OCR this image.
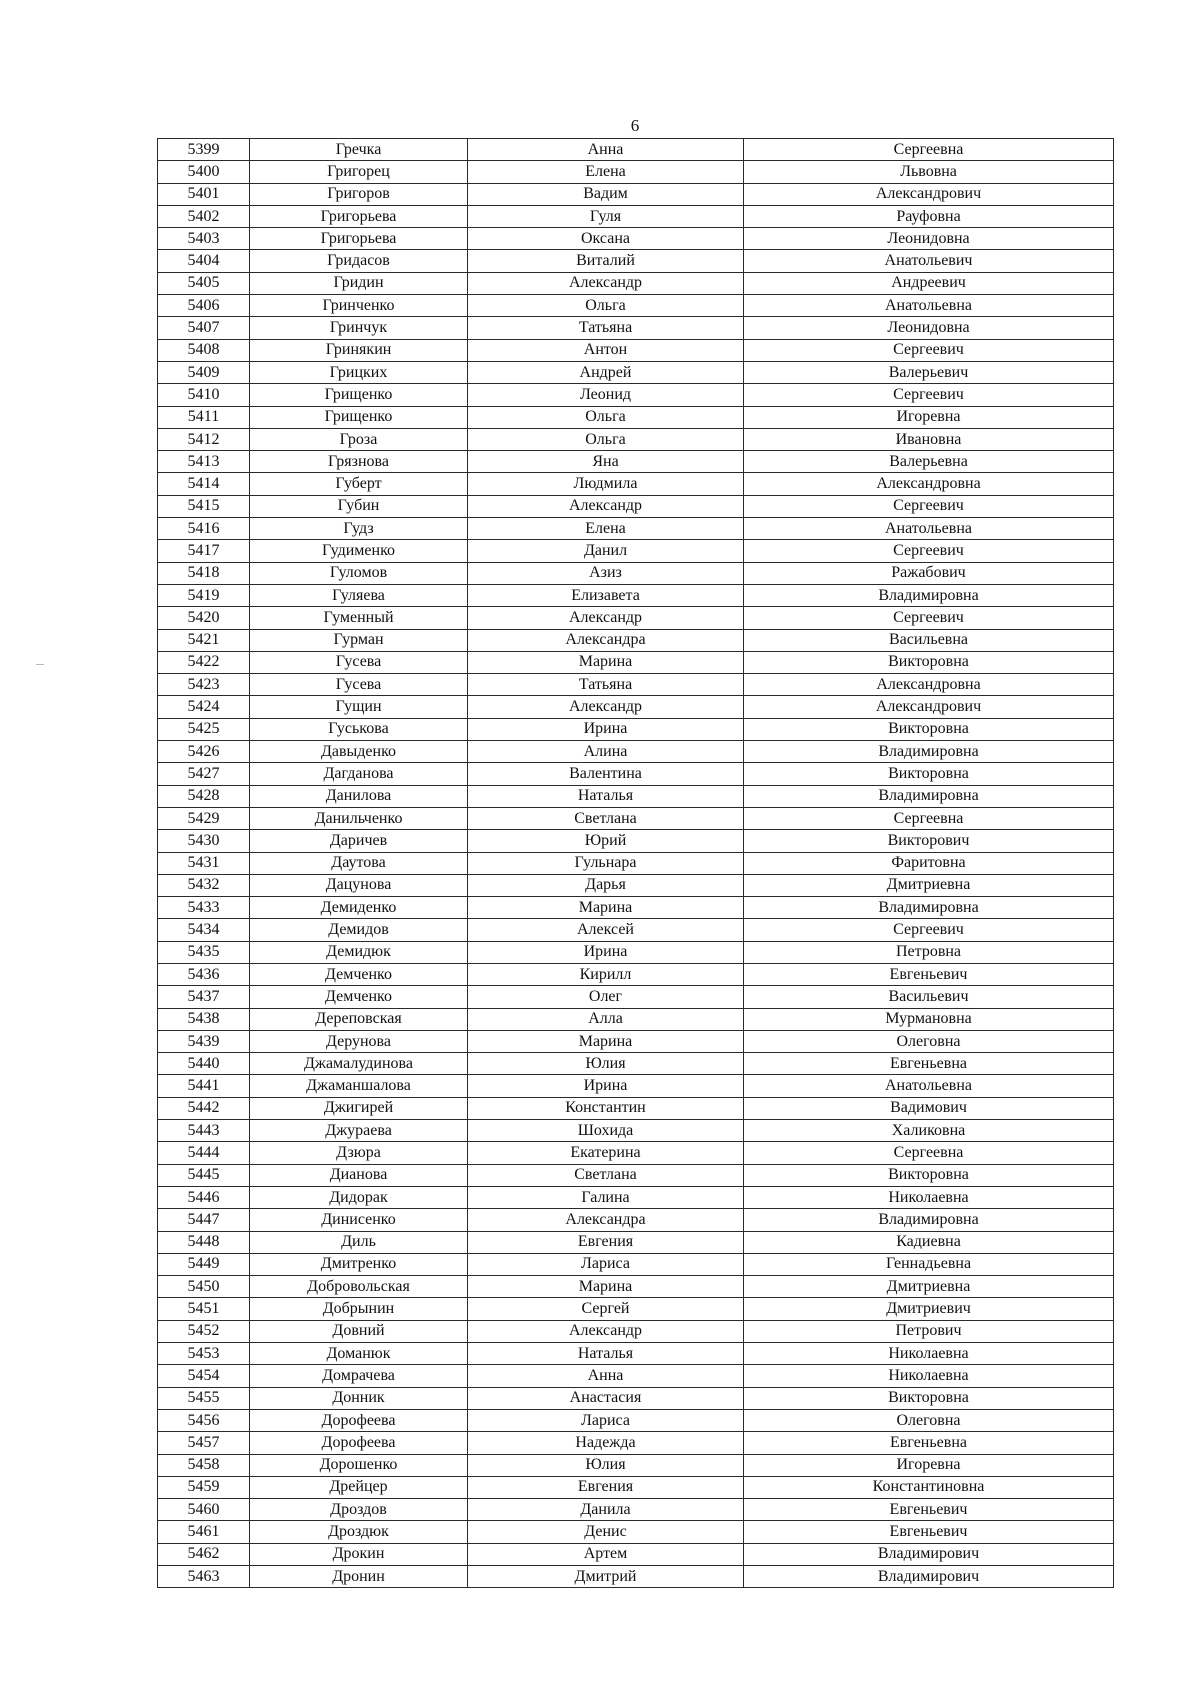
6
5399	Гречка	Анна	Сергеевна
5400	Григорец	Елена	Львовна
5401	Григоров	Вадим	Александрович
5402	Григорьева	Гуля	Рауфовна
5403	Григорьева	Оксана	Леонидовна
5404	Гридасов	Виталий	Анатольевич
5405	Гридин	Александр	Андреевич
5406	Гринченко	Ольга	Анатольевна
5407	Гринчук	Татьяна	Леонидовна
5408	Гринякин	Антон	Сергеевич
5409	Грицких	Андрей	Валерьевич
5410	Грищенко	Леонид	Сергеевич
5411	Грищенко	Ольга	Игоревна
5412	Гроза	Ольга	Ивановна
5413	Грязнова	Яна	Валерьевна
5414	Губерт	Людмила	Александровна
5415	Губин	Александр	Сергеевич
5416	Гудз	Елена	Анатольевна
5417	Гудименко	Данил	Сергеевич
5418	Гуломов	Азиз	Ражабович
5419	Гуляева	Елизавета	Владимировна
5420	Гуменный	Александр	Сергеевич
5421	Гурман	Александра	Васильевна
5422	Гусева	Марина	Викторовна
5423	Гусева	Татьяна	Александровна
5424	Гущин	Александр	Александрович
5425	Гуськова	Ирина	Викторовна
5426	Давыденко	Алина	Владимировна
5427	Дагданова	Валентина	Викторовна
5428	Данилова	Наталья	Владимировна
5429	Данильченко	Светлана	Сергеевна
5430	Даричев	Юрий	Викторович
5431	Даутова	Гульнара	Фаритовна
5432	Дацунова	Дарья	Дмитриевна
5433	Демиденко	Марина	Владимировна
5434	Демидов	Алексей	Сергеевич
5435	Демидюк	Ирина	Петровна
5436	Демченко	Кирилл	Евгеньевич
5437	Демченко	Олег	Васильевич
5438	Дереповская	Алла	Мурмановна
5439	Дерунова	Марина	Олеговна
5440	Джамалудинова	Юлия	Евгеньевна
5441	Джаманшалова	Ирина	Анатольевна
5442	Джигирей	Константин	Вадимович
5443	Джураева	Шохида	Халиковна
5444	Дзюра	Екатерина	Сергеевна
5445	Дианова	Светлана	Викторовна
5446	Дидорак	Галина	Николаевна
5447	Динисенко	Александра	Владимировна
5448	Диль	Евгения	Кадиевна
5449	Дмитренко	Лариса	Геннадьевна
5450	Добровольская	Марина	Дмитриевна
5451	Добрынин	Сергей	Дмитриевич
5452	Довний	Александр	Петрович
5453	Доманюк	Наталья	Николаевна
5454	Домрачева	Анна	Николаевна
5455	Донник	Анастасия	Викторовна
5456	Дорофеева	Лариса	Олеговна
5457	Дорофеева	Надежда	Евгеньевна
5458	Дорошенко	Юлия	Игоревна
5459	Дрейцер	Евгения	Константиновна
5460	Дроздов	Данила	Евгеньевич
5461	Дроздюк	Денис	Евгеньевич
5462	Дрокин	Артем	Владимирович
5463	Дронин	Дмитрий	Владимирович
